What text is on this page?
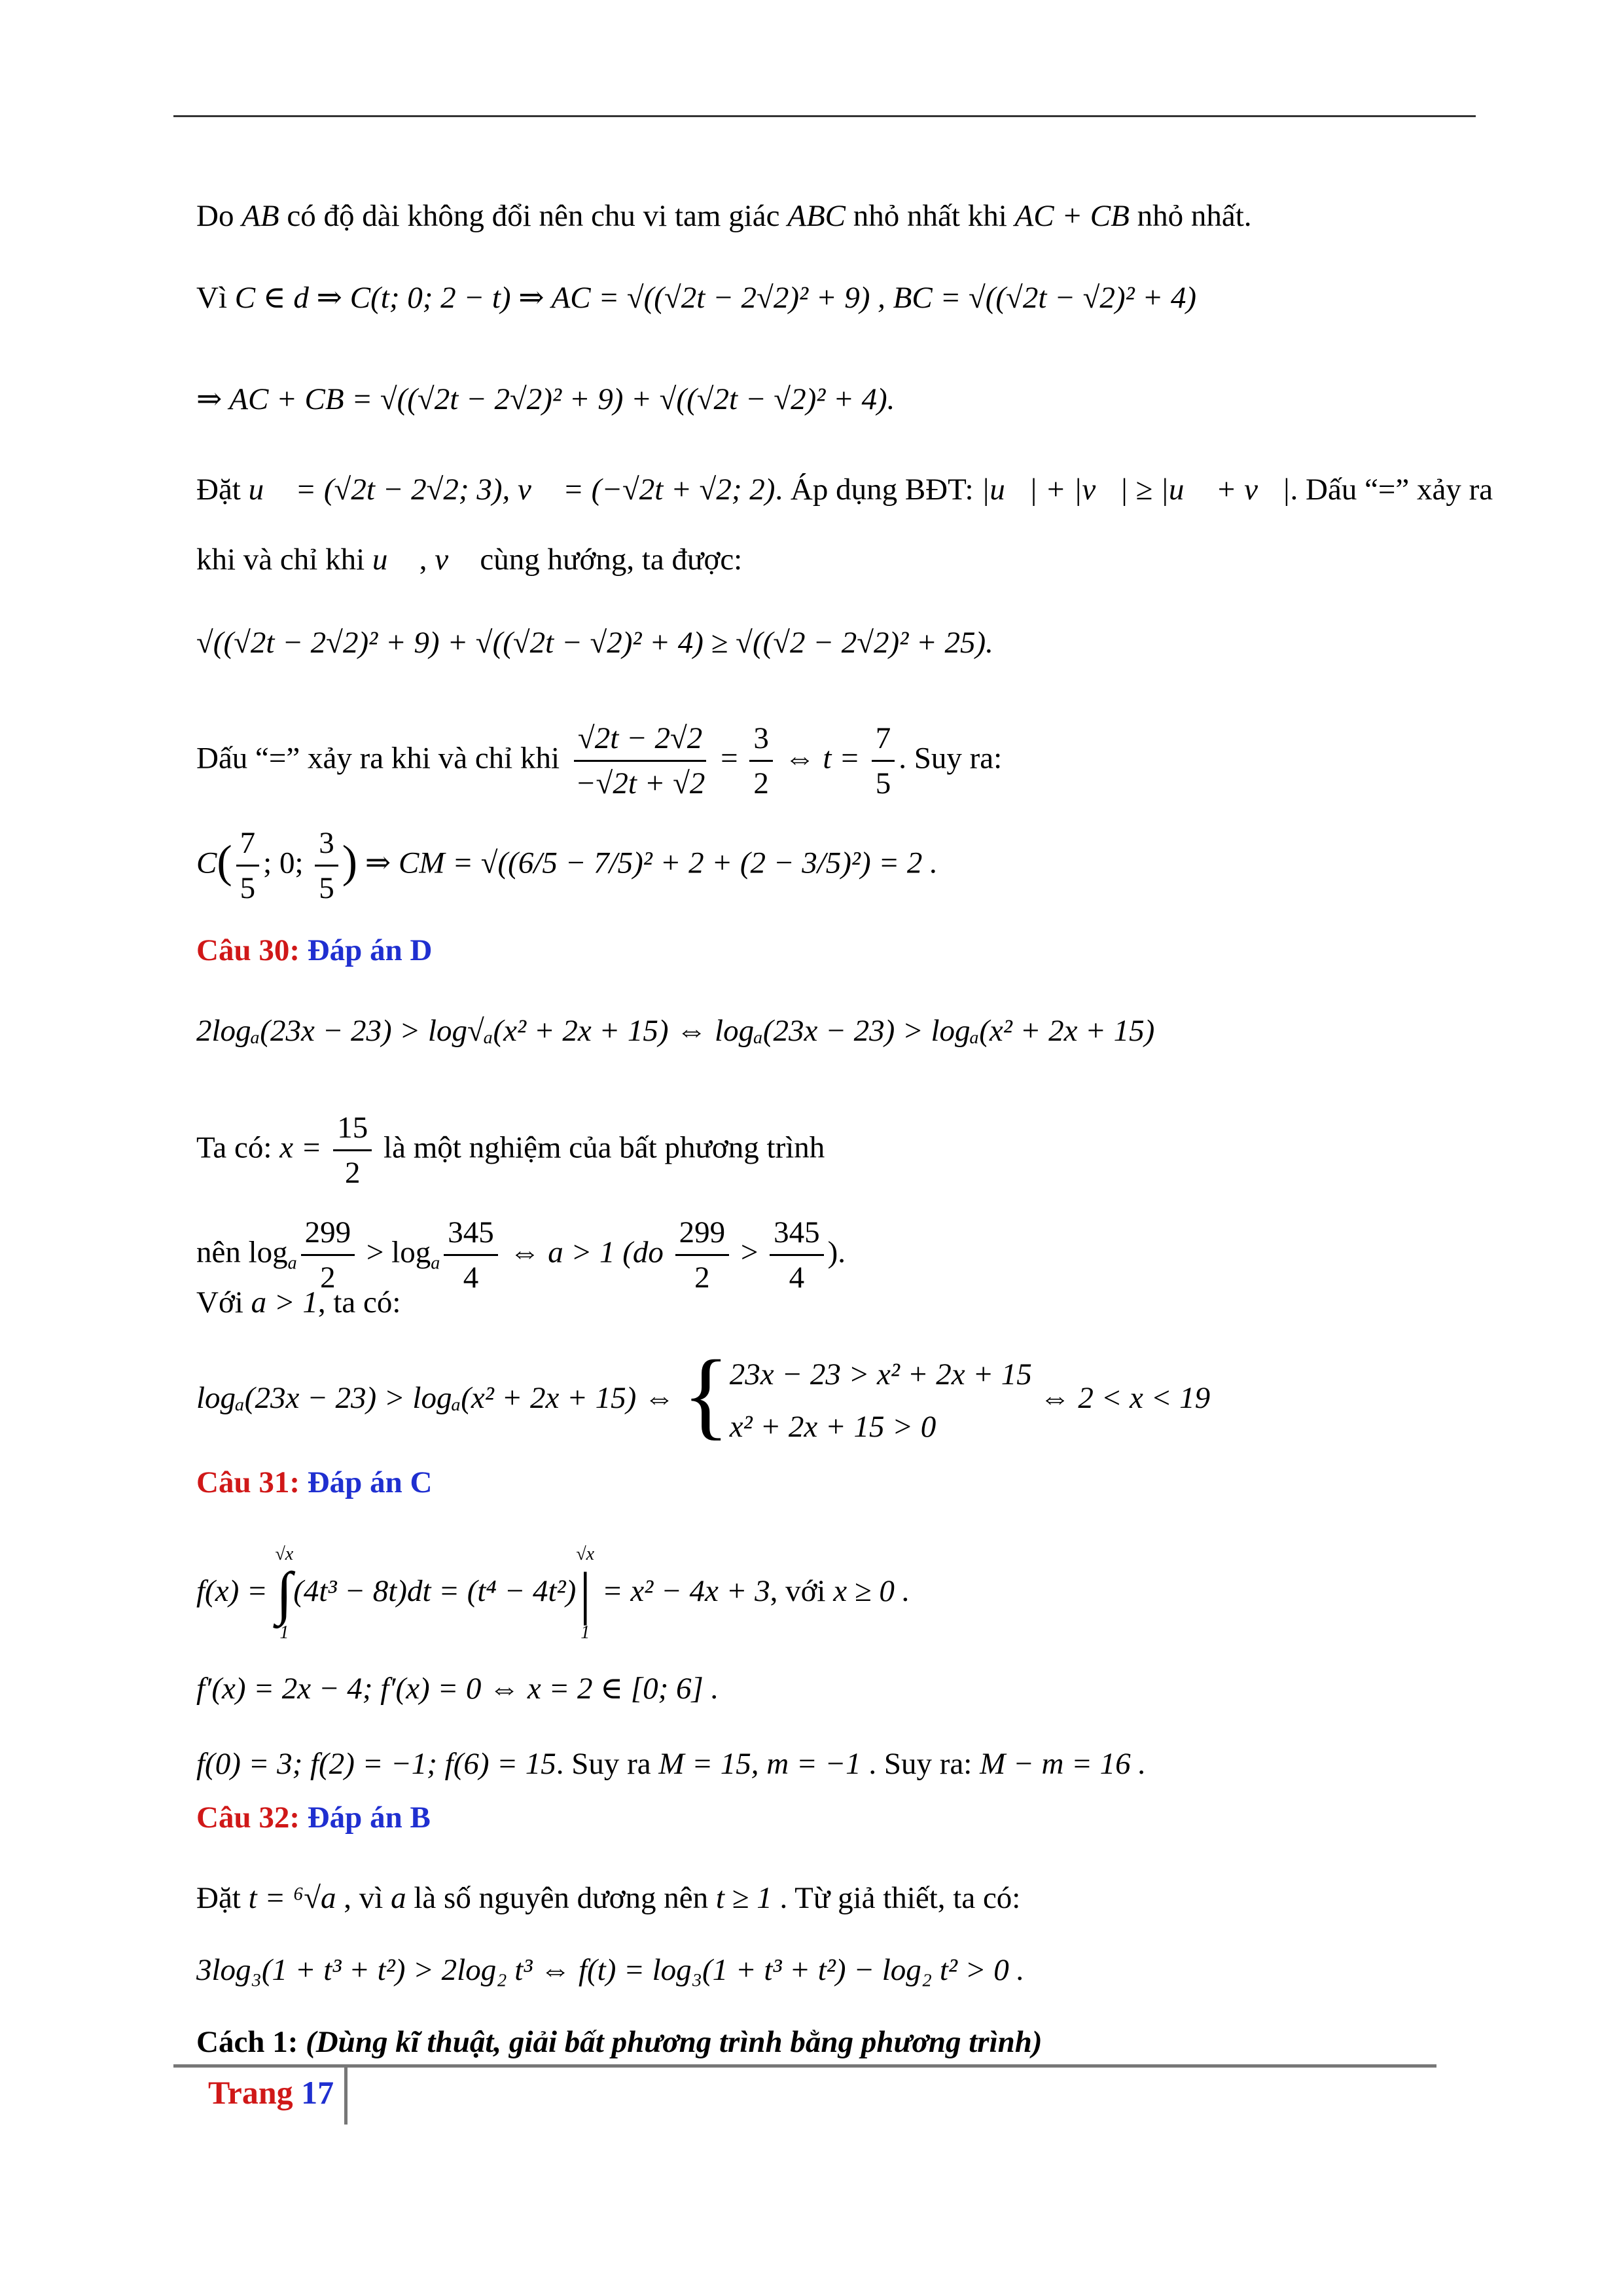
Do AB có độ dài không đổi nên chu vi tam giác ABC nhỏ nhất khi AC + CB nhỏ nhất.
Vì C ∈ d ⇒ C(t; 0; 2 − t) ⇒ AC = √((√2t − 2√2)² + 9) , BC = √((√2t − √2)² + 4)
⇒ AC + CB = √((√2t − 2√2)² + 9) + √((√2t − √2)² + 4).
Đặt u⃗ = (√2t − 2√2; 3), v⃗ = (−√2t + √2; 2). Áp dụng BĐT: |u⃗| + |v⃗| ≥ |u⃗ + v⃗|. Dấu “=” xảy ra
khi và chỉ khi u⃗ , v⃗ cùng hướng, ta được:
√((√2t − 2√2)² + 9) + √((√2t − √2)² + 4) ≥ √((√2 − 2√2)² + 25).
Dấu “=” xảy ra khi và chỉ khi $\frac{√2t - 2√2}{-√2t + √2} = \frac{3}{2}$ ⇔ $t = \frac{7}{5}$ . Suy ra:
$C( \frac{7}{5}$ ; 0; $\frac{3}{5}$ ) ⇒ CM = √((6/5 − 7/5)² + 2 + (2 − 3/5)²) = 2 .
Câu 30: Đáp án D
2logₐ(23x − 23) > log√ₐ(x² + 2x + 15) ⇔ logₐ(23x − 23) > logₐ(x² + 2x + 15)
Ta có: $x = \frac{15}{2}$ là một nghiệm của bất phương trình
nên $\log_a \frac{299}{2} > \log_a \frac{345}{4}$ ⇔ a > 1 ($do \frac{299}{2} > \frac{345}{4}$ ).
Với a > 1, ta có:
logₐ(23x − 23) > logₐ(x² + 2x + 15) ⇔ { 23x − 23 > x² + 2x + 15
x² + 2x + 15 > 0
⇔ 2 < x < 19
Câu 31: Đáp án C
f(x) =
√x
∫
1
(4t³ − 8t)dt = (t⁴ − 4t²)
√x
|
1
= x² − 4x + 3, với x ≥ 0 .
f′(x) = 2x − 4; f′(x) = 0 ⇔ x = 2 ∈ [0; 6] .
f(0) = 3; f(2) = −1; f(6) = 15. Suy ra M = 15, m = −1 . Suy ra: M − m = 16 .
Câu 32: Đáp án B
Đặt t = ⁶√a , vì a là số nguyên dương nên t ≥ 1 . Từ giả thiết, ta có:
3log₃(1 + t³ + t²) > 2log₂ t³ ⇔ f(t) = log₃(1 + t³ + t²) − log₂ t² > 0 .
Cách 1: (Dùng kĩ thuật, giải bất phương trình bằng phương trình)
Trang 17
